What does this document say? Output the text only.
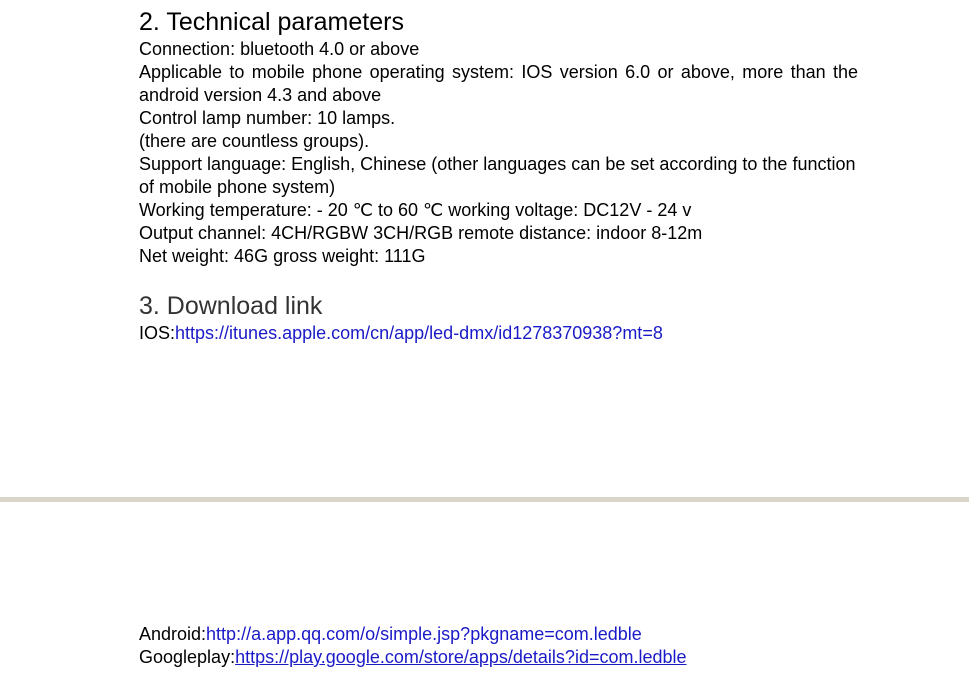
2. Technical parameters

Connection: bluetooth 4.0 or above

Applicable to mobile phone operating system: IOS version 6.0 or above, more than the android version 4.3 and above

Control lamp number: 10 lamps.

(there are countless groups).

Support language: English, Chinese (other languages can be set according to the function of mobile phone system)

Working temperature: - 20 ℃ to 60 ℃ working voltage: DC12V - 24 v

Output channel: 4CH/RGBW 3CH/RGB remote distance: indoor 8-12m

Net weight: 46G gross weight: 111G

3. Download link

IOS:https://itunes.apple.com/cn/app/led-dmx/id1278370938?mt=8

Android:http://a.app.qq.com/o/simple.jsp?pkgname=com.ledble

Googleplay:https://play.google.com/store/apps/details?id=com.ledble
